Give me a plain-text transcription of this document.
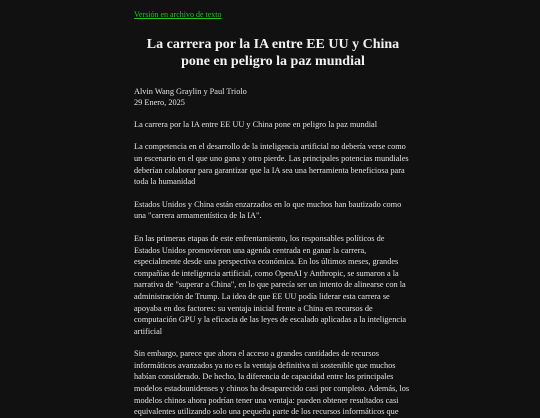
Versión en archivo de texto
La carrera por la IA entre EE UU y China pone en peligro la paz mundial
Alvin Wang Graylin y Paul Triolo
29 Enero, 2025

La carrera por la IA entre EE UU y China pone en peligro la paz mundial

La competencia en el desarrollo de la inteligencia artificial no debería verse como un escenario en el que uno gana y otro pierde. Las principales potencias mundiales deberían colaborar para garantizar que la IA sea una herramienta beneficiosa para toda la humanidad

Estados Unidos y China están enzarzados en lo que muchos han bautizado como una "carrera armamentística de la IA".

En las primeras etapas de este enfrentamiento, los responsables políticos de Estados Unidos promovieron una agenda centrada en ganar la carrera, especialmente desde una perspectiva económica. En los últimos meses, grandes compañías de inteligencia artificial, como OpenAI y Anthropic, se sumaron a la narrativa de "superar a China", en lo que parecía ser un intento de alinearse con la administración de Trump. La idea de que EE UU podía liderar esta carrera se apoyaba en dos factores: su ventaja inicial frente a China en recursos de computación GPU y la eficacia de las leyes de escalado aplicadas a la inteligencia artificial

Sin embargo, parece que ahora el acceso a grandes cantidades de recursos informáticos avanzados ya no es la ventaja definitiva ni sostenible que muchos habían considerado. De hecho, la diferencia de capacidad entre los principales modelos estadounidenses y chinos ha desaparecido casi por completo. Además, los modelos chinos ahora podrían tener una ventaja: pueden obtener resultados casi equivalentes utilizando solo una pequeña parte de los recursos informáticos que
